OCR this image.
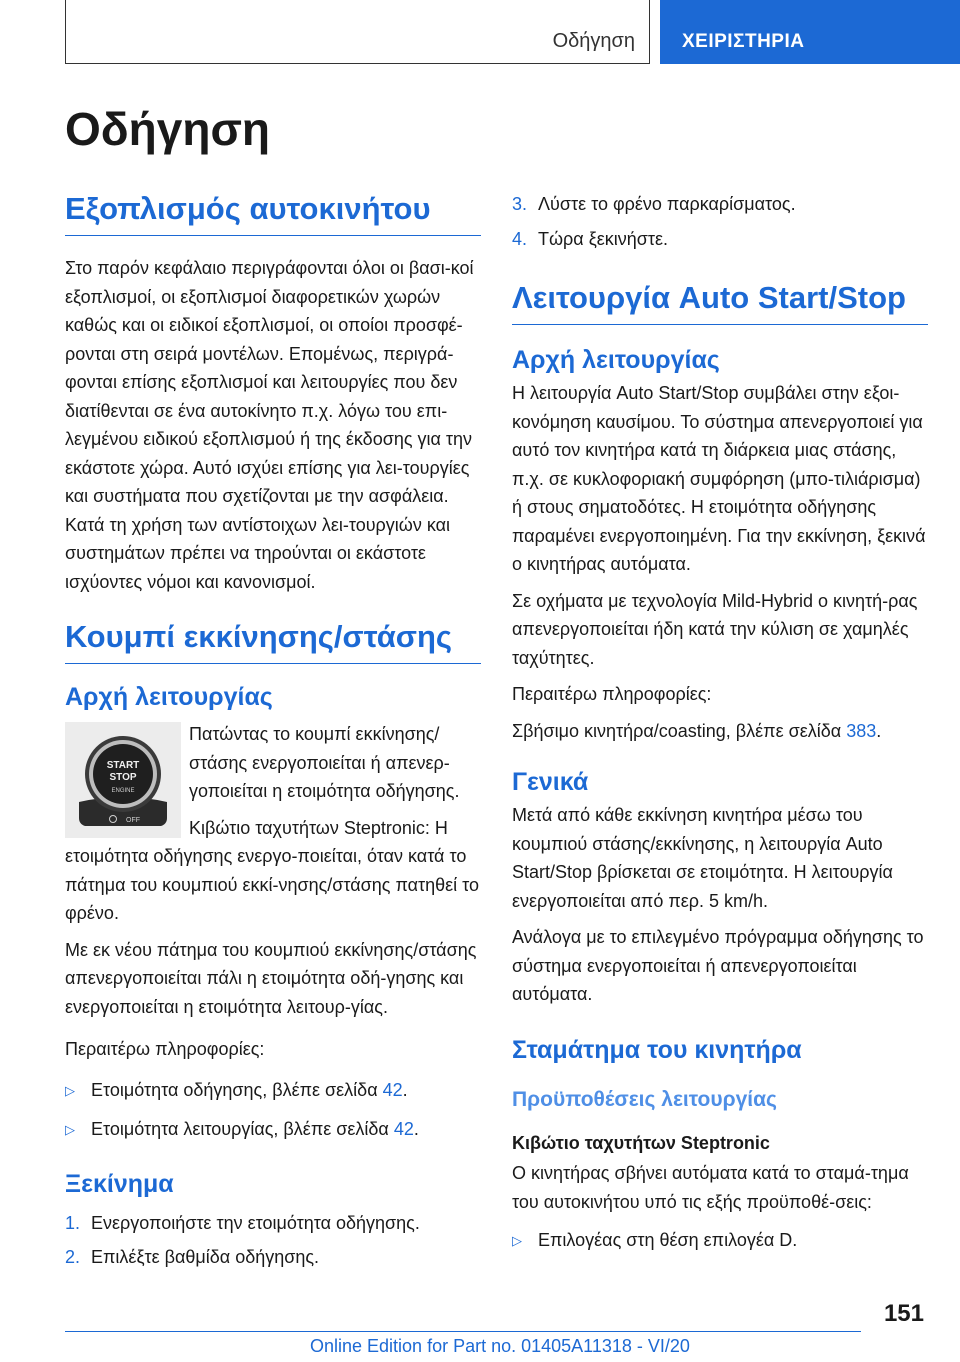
Οδήγηση ΧΕΙΡΙΣΤΗΡΙΑ
Οδήγηση
Εξοπλισμός αυτοκινήτου

Στο παρόν κεφάλαιο περιγράφονται όλοι οι βασι‐κοί εξοπλισμοί, οι εξοπλισμοί διαφορετικών χωρών καθώς και οι ειδικοί εξοπλισμοί, οι οποίοι προσφέ‐ρονται στη σειρά μοντέλων. Επομένως, περιγρά‐φονται επίσης εξοπλισμοί και λειτουργίες που δεν διατίθενται σε ένα αυτοκίνητο π.χ. λόγω του επι‐λεγμένου ειδικού εξοπλισμού ή της έκδοσης για την εκάστοτε χώρα. Αυτό ισχύει επίσης για λει‐τουργίες και συστήματα που σχετίζονται με την ασφάλεια. Κατά τη χρήση των αντίστοιχων λει‐τουργιών και συστημάτων πρέπει να τηρούνται οι εκάστοτε ισχύοντες νόμοι και κανονισμοί.

Κουμπί εκκίνησης/στάσης
Αρχή λειτουργίας
START
STOP
ENGINE
OFF

Πατώντας το κουμπί εκκίνησης/στάσης ενεργοποιείται ή απενερ‐γοποιείται η ετοιμότητα οδήγησης.

Κιβώτιο ταχυτήτων Steptronic: Η ετοιμότητα οδήγησης ενεργο‐ποιείται, όταν κατά το πάτημα του κουμπιού εκκί‐νησης/στάσης πατηθεί το φρένο.

Με εκ νέου πάτημα του κουμπιού εκκίνησης/στάσης απενεργοποιείται πάλι η ετοιμότητα οδή‐γησης και ενεργοποιείται η ετοιμότητα λειτουρ‐γίας.

Περαιτέρω πληροφορίες:

▷ Ετοιμότητα οδήγησης, βλέπε σελίδα 42.
▷ Ετοιμότητα λειτουργίας, βλέπε σελίδα 42.
Ξεκίνημα
1. Ενεργοποιήστε την ετοιμότητα οδήγησης.
2. Επιλέξτε βαθμίδα οδήγησης.
3. Λύστε το φρένο παρκαρίσματος.
4. Τώρα ξεκινήστε.
Λειτουργία Auto Start/Stop
Αρχή λειτουργίας

Η λειτουργία Auto Start/Stop συμβάλει στην εξοι‐κονόμηση καυσίμου. Το σύστημα απενεργοποιεί για αυτό τον κινητήρα κατά τη διάρκεια μιας στάσης, π.χ. σε κυκλοφοριακή συμφόρηση (μπο‐τιλιάρισμα) ή στους σηματοδότες. Η ετοιμότητα οδήγησης παραμένει ενεργοποιημένη. Για την εκκίνηση, ξεκινά ο κινητήρας αυτόματα.

Σε οχήματα με τεχνολογία Mild-Hybrid ο κινητή‐ρας απενεργοποιείται ήδη κατά την κύλιση σε χαμηλές ταχύτητες.

Περαιτέρω πληροφορίες:

Σβήσιμο κινητήρα/coasting, βλέπε σελίδα 383.

Γενικά

Μετά από κάθε εκκίνηση κινητήρα μέσω του κουμπιού στάσης/εκκίνησης, η λειτουργία Auto Start/Stop βρίσκεται σε ετοιμότητα. Η λειτουργία ενεργοποιείται από περ. 5 km/h.

Ανάλογα με το επιλεγμένο πρόγραμμα οδήγησης το σύστημα ενεργοποιείται ή απενεργοποιείται αυτόματα.

Σταμάτημα του κινητήρα
Προϋποθέσεις λειτουργίας
Κιβώτιο ταχυτήτων Steptronic

Ο κινητήρας σβήνει αυτόματα κατά το σταμά‐τημα του αυτοκινήτου υπό τις εξής προϋποθέ‐σεις:

▷ Επιλογέας στη θέση επιλογέα D.
151
Online Edition for Part no. 01405A11318 - VI/20
